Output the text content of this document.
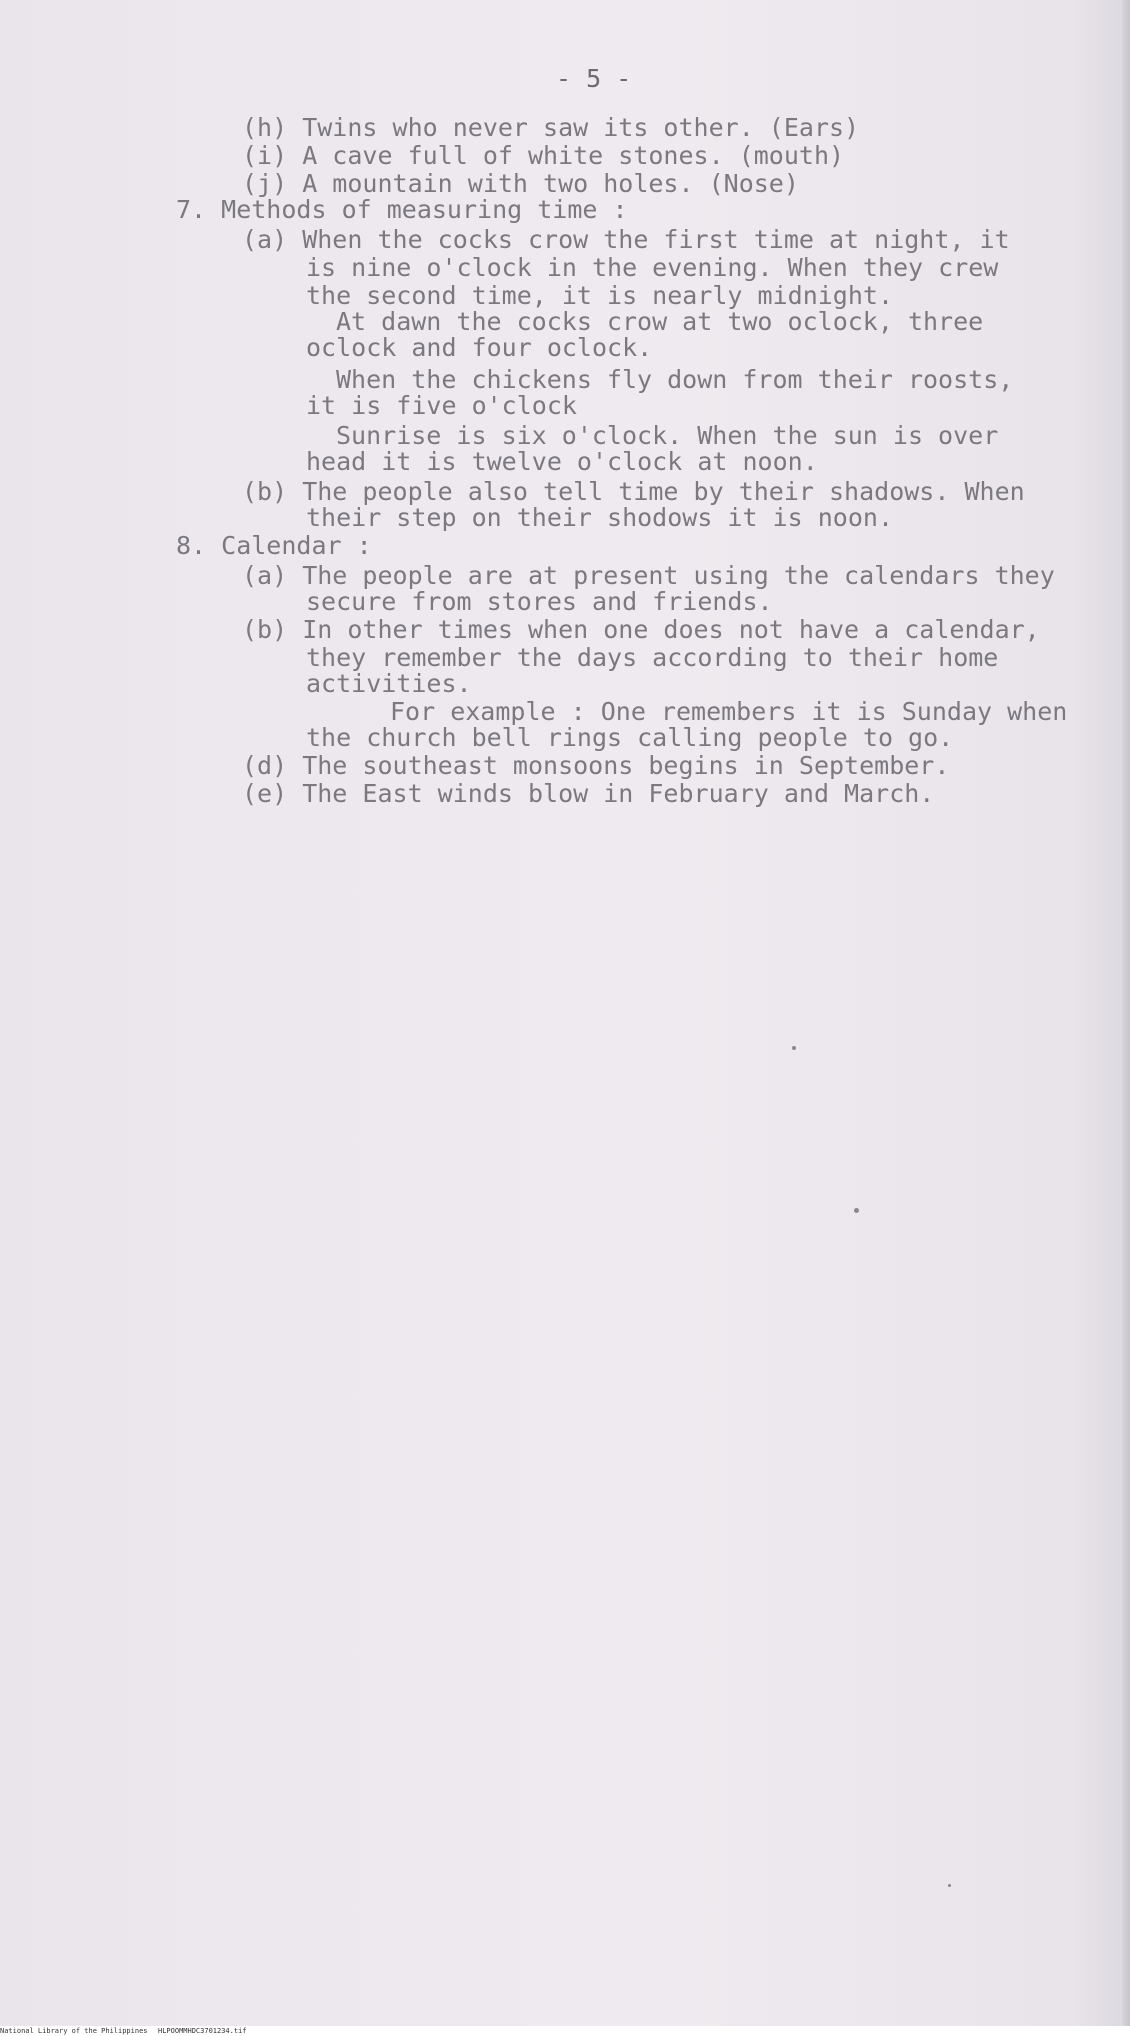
- 5 -

(h) Twins who never saw its other. (Ears)

(i) A cave full of white stones. (mouth)

(j) A mountain with two holes. (Nose)

7. Methods of measuring time :

(a) When the cocks crow the first time at night, it

is nine o'clock in the evening. When they crew

the second time, it is nearly midnight.

At dawn the cocks crow at two oclock, three

oclock and four oclock.

When the chickens fly down from their roosts,

it is five o'clock

Sunrise is six o'clock. When the sun is over

head it is twelve o'clock at noon.

(b) The people also tell time by their shadows. When

their step on their shodows it is noon.

8. Calendar :

(a) The people are at present using the calendars they

secure from stores and friends.

(b) In other times when one does not have a calendar,

they remember the days according to their home

activities.

For example : One remembers it is Sunday when

the church bell rings calling people to go.

(d) The southeast monsoons begins in September.

(e) The East winds blow in February and March.

National Library of the Philippines HLPOOMMHDC3701234.tif
